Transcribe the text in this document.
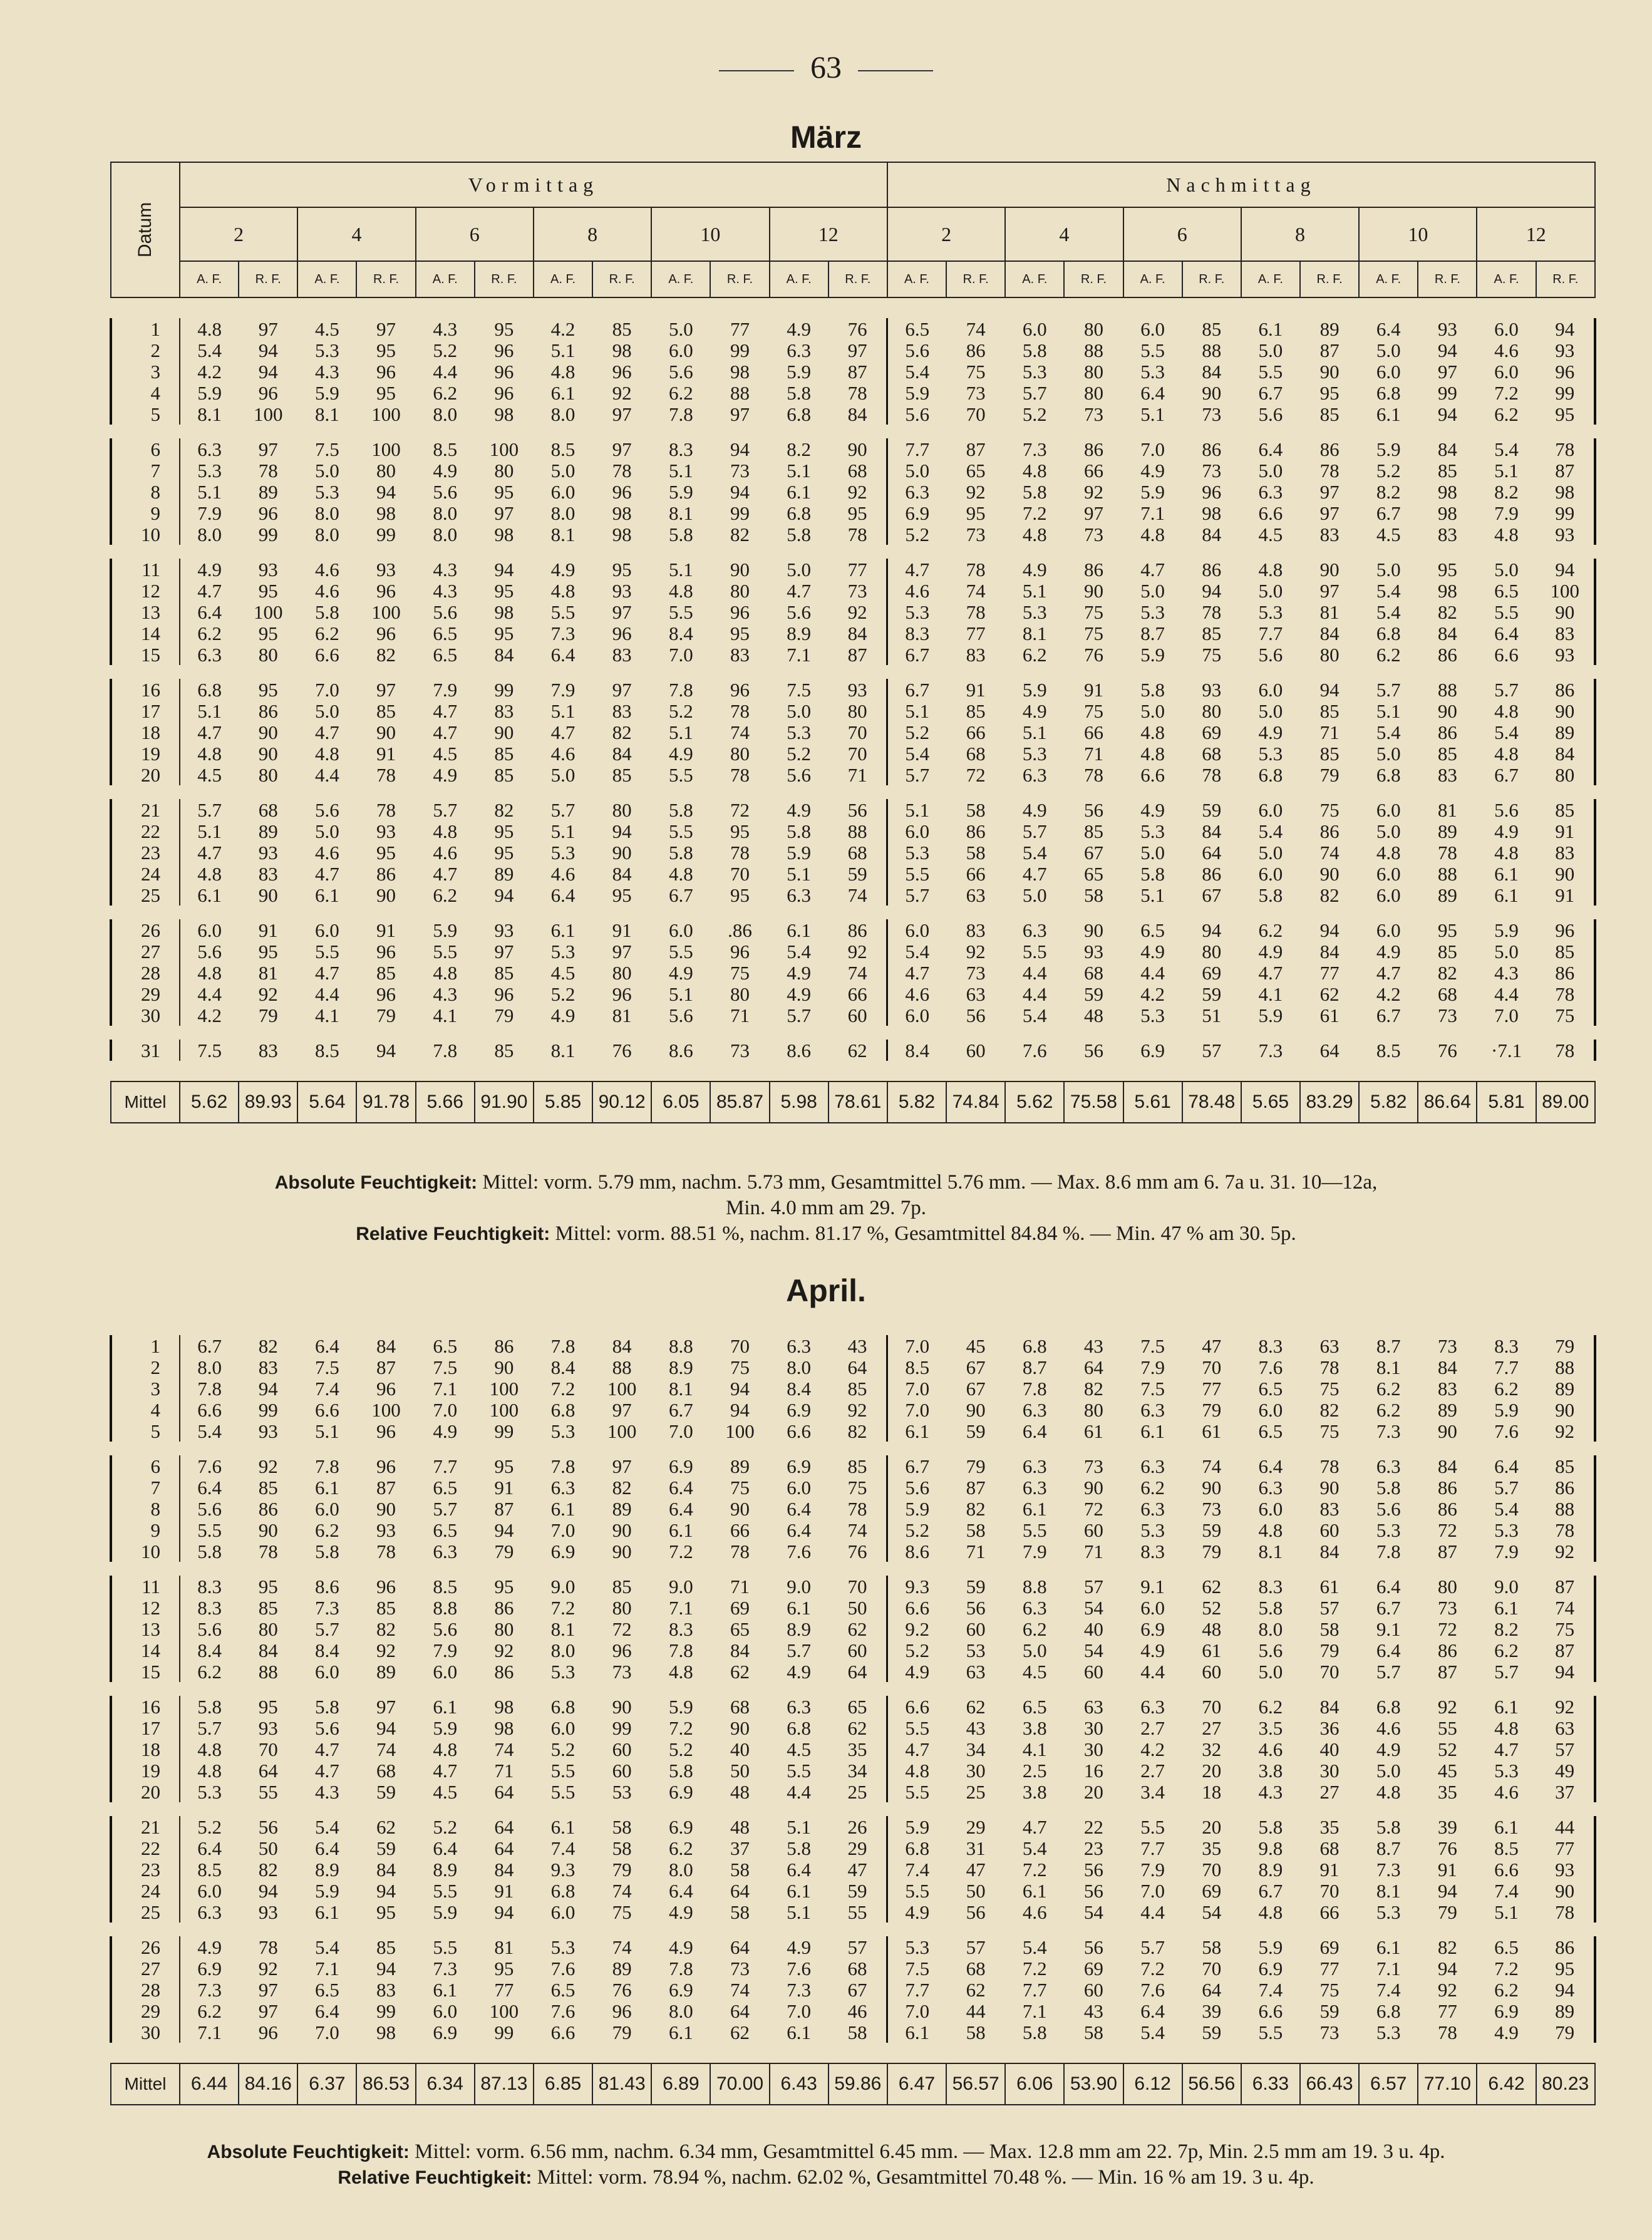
63
März
Datum	Vormittag												Nachmittag											
	2		4		6		8		10		12		2		4		6		8		10		12	
	A. F.	R. F.	A. F.	R. F.	A. F.	R. F.	A. F.	R. F.	A. F.	R. F.	A. F.	R. F.	A. F.	R. F.	A. F.	R. F.	A. F.	R. F.	A. F.	R. F.	A. F.	R. F.	A. F.	R. F.

1	4.8	97	4.5	97	4.3	95	4.2	85	5.0	77	4.9	76	6.5	74	6.0	80	6.0	85	6.1	89	6.4	93	6.0	94
2	5.4	94	5.3	95	5.2	96	5.1	98	6.0	99	6.3	97	5.6	86	5.8	88	5.5	88	5.0	87	5.0	94	4.6	93
3	4.2	94	4.3	96	4.4	96	4.8	96	5.6	98	5.9	87	5.4	75	5.3	80	5.3	84	5.5	90	6.0	97	6.0	96
4	5.9	96	5.9	95	6.2	96	6.1	92	6.2	88	5.8	78	5.9	73	5.7	80	6.4	90	6.7	95	6.8	99	7.2	99
5	8.1	100	8.1	100	8.0	98	8.0	97	7.8	97	6.8	84	5.6	70	5.2	73	5.1	73	5.6	85	6.1	94	6.2	95

6	6.3	97	7.5	100	8.5	100	8.5	97	8.3	94	8.2	90	7.7	87	7.3	86	7.0	86	6.4	86	5.9	84	5.4	78
7	5.3	78	5.0	80	4.9	80	5.0	78	5.1	73	5.1	68	5.0	65	4.8	66	4.9	73	5.0	78	5.2	85	5.1	87
8	5.1	89	5.3	94	5.6	95	6.0	96	5.9	94	6.1	92	6.3	92	5.8	92	5.9	96	6.3	97	8.2	98	8.2	98
9	7.9	96	8.0	98	8.0	97	8.0	98	8.1	99	6.8	95	6.9	95	7.2	97	7.1	98	6.6	97	6.7	98	7.9	99
10	8.0	99	8.0	99	8.0	98	8.1	98	5.8	82	5.8	78	5.2	73	4.8	73	4.8	84	4.5	83	4.5	83	4.8	93

11	4.9	93	4.6	93	4.3	94	4.9	95	5.1	90	5.0	77	4.7	78	4.9	86	4.7	86	4.8	90	5.0	95	5.0	94
12	4.7	95	4.6	96	4.3	95	4.8	93	4.8	80	4.7	73	4.6	74	5.1	90	5.0	94	5.0	97	5.4	98	6.5	100
13	6.4	100	5.8	100	5.6	98	5.5	97	5.5	96	5.6	92	5.3	78	5.3	75	5.3	78	5.3	81	5.4	82	5.5	90
14	6.2	95	6.2	96	6.5	95	7.3	96	8.4	95	8.9	84	8.3	77	8.1	75	8.7	85	7.7	84	6.8	84	6.4	83
15	6.3	80	6.6	82	6.5	84	6.4	83	7.0	83	7.1	87	6.7	83	6.2	76	5.9	75	5.6	80	6.2	86	6.6	93

16	6.8	95	7.0	97	7.9	99	7.9	97	7.8	96	7.5	93	6.7	91	5.9	91	5.8	93	6.0	94	5.7	88	5.7	86
17	5.1	86	5.0	85	4.7	83	5.1	83	5.2	78	5.0	80	5.1	85	4.9	75	5.0	80	5.0	85	5.1	90	4.8	90
18	4.7	90	4.7	90	4.7	90	4.7	82	5.1	74	5.3	70	5.2	66	5.1	66	4.8	69	4.9	71	5.4	86	5.4	89
19	4.8	90	4.8	91	4.5	85	4.6	84	4.9	80	5.2	70	5.4	68	5.3	71	4.8	68	5.3	85	5.0	85	4.8	84
20	4.5	80	4.4	78	4.9	85	5.0	85	5.5	78	5.6	71	5.7	72	6.3	78	6.6	78	6.8	79	6.8	83	6.7	80

21	5.7	68	5.6	78	5.7	82	5.7	80	5.8	72	4.9	56	5.1	58	4.9	56	4.9	59	6.0	75	6.0	81	5.6	85
22	5.1	89	5.0	93	4.8	95	5.1	94	5.5	95	5.8	88	6.0	86	5.7	85	5.3	84	5.4	86	5.0	89	4.9	91
23	4.7	93	4.6	95	4.6	95	5.3	90	5.8	78	5.9	68	5.3	58	5.4	67	5.0	64	5.0	74	4.8	78	4.8	83
24	4.8	83	4.7	86	4.7	89	4.6	84	4.8	70	5.1	59	5.5	66	4.7	65	5.8	86	6.0	90	6.0	88	6.1	90
25	6.1	90	6.1	90	6.2	94	6.4	95	6.7	95	6.3	74	5.7	63	5.0	58	5.1	67	5.8	82	6.0	89	6.1	91

26	6.0	91	6.0	91	5.9	93	6.1	91	6.0	.86	6.1	86	6.0	83	6.3	90	6.5	94	6.2	94	6.0	95	5.9	96
27	5.6	95	5.5	96	5.5	97	5.3	97	5.5	96	5.4	92	5.4	92	5.5	93	4.9	80	4.9	84	4.9	85	5.0	85
28	4.8	81	4.7	85	4.8	85	4.5	80	4.9	75	4.9	74	4.7	73	4.4	68	4.4	69	4.7	77	4.7	82	4.3	86
29	4.4	92	4.4	96	4.3	96	5.2	96	5.1	80	4.9	66	4.6	63	4.4	59	4.2	59	4.1	62	4.2	68	4.4	78
30	4.2	79	4.1	79	4.1	79	4.9	81	5.6	71	5.7	60	6.0	56	5.4	48	5.3	51	5.9	61	6.7	73	7.0	75

31	7.5	83	8.5	94	7.8	85	8.1	76	8.6	73	8.6	62	8.4	60	7.6	56	6.9	57	7.3	64	8.5	76	·7.1	78

Mittel	5.62	89.93	5.64	91.78	5.66	91.90	5.85	90.12	6.05	85.87	5.98	78.61	5.82	74.84	5.62	75.58	5.61	78.48	5.65	83.29	5.82	86.64	5.81	89.00
Absolute Feuchtigkeit: Mittel: vorm. 5.79 mm, nachm. 5.73 mm, Gesamtmittel 5.76 mm. — Max. 8.6 mm am 6. 7a u. 31. 10—12a,
Min. 4.0 mm am 29. 7p.
Relative Feuchtigkeit: Mittel: vorm. 88.51 %, nachm. 81.17 %, Gesamtmittel 84.84 %. — Min. 47 % am 30. 5p.
April.

1	6.7	82	6.4	84	6.5	86	7.8	84	8.8	70	6.3	43	7.0	45	6.8	43	7.5	47	8.3	63	8.7	73	8.3	79
2	8.0	83	7.5	87	7.5	90	8.4	88	8.9	75	8.0	64	8.5	67	8.7	64	7.9	70	7.6	78	8.1	84	7.7	88
3	7.8	94	7.4	96	7.1	100	7.2	100	8.1	94	8.4	85	7.0	67	7.8	82	7.5	77	6.5	75	6.2	83	6.2	89
4	6.6	99	6.6	100	7.0	100	6.8	97	6.7	94	6.9	92	7.0	90	6.3	80	6.3	79	6.0	82	6.2	89	5.9	90
5	5.4	93	5.1	96	4.9	99	5.3	100	7.0	100	6.6	82	6.1	59	6.4	61	6.1	61	6.5	75	7.3	90	7.6	92

6	7.6	92	7.8	96	7.7	95	7.8	97	6.9	89	6.9	85	6.7	79	6.3	73	6.3	74	6.4	78	6.3	84	6.4	85
7	6.4	85	6.1	87	6.5	91	6.3	82	6.4	75	6.0	75	5.6	87	6.3	90	6.2	90	6.3	90	5.8	86	5.7	86
8	5.6	86	6.0	90	5.7	87	6.1	89	6.4	90	6.4	78	5.9	82	6.1	72	6.3	73	6.0	83	5.6	86	5.4	88
9	5.5	90	6.2	93	6.5	94	7.0	90	6.1	66	6.4	74	5.2	58	5.5	60	5.3	59	4.8	60	5.3	72	5.3	78
10	5.8	78	5.8	78	6.3	79	6.9	90	7.2	78	7.6	76	8.6	71	7.9	71	8.3	79	8.1	84	7.8	87	7.9	92

11	8.3	95	8.6	96	8.5	95	9.0	85	9.0	71	9.0	70	9.3	59	8.8	57	9.1	62	8.3	61	6.4	80	9.0	87
12	8.3	85	7.3	85	8.8	86	7.2	80	7.1	69	6.1	50	6.6	56	6.3	54	6.0	52	5.8	57	6.7	73	6.1	74
13	5.6	80	5.7	82	5.6	80	8.1	72	8.3	65	8.9	62	9.2	60	6.2	40	6.9	48	8.0	58	9.1	72	8.2	75
14	8.4	84	8.4	92	7.9	92	8.0	96	7.8	84	5.7	60	5.2	53	5.0	54	4.9	61	5.6	79	6.4	86	6.2	87
15	6.2	88	6.0	89	6.0	86	5.3	73	4.8	62	4.9	64	4.9	63	4.5	60	4.4	60	5.0	70	5.7	87	5.7	94

16	5.8	95	5.8	97	6.1	98	6.8	90	5.9	68	6.3	65	6.6	62	6.5	63	6.3	70	6.2	84	6.8	92	6.1	92
17	5.7	93	5.6	94	5.9	98	6.0	99	7.2	90	6.8	62	5.5	43	3.8	30	2.7	27	3.5	36	4.6	55	4.8	63
18	4.8	70	4.7	74	4.8	74	5.2	60	5.2	40	4.5	35	4.7	34	4.1	30	4.2	32	4.6	40	4.9	52	4.7	57
19	4.8	64	4.7	68	4.7	71	5.5	60	5.8	50	5.5	34	4.8	30	2.5	16	2.7	20	3.8	30	5.0	45	5.3	49
20	5.3	55	4.3	59	4.5	64	5.5	53	6.9	48	4.4	25	5.5	25	3.8	20	3.4	18	4.3	27	4.8	35	4.6	37

21	5.2	56	5.4	62	5.2	64	6.1	58	6.9	48	5.1	26	5.9	29	4.7	22	5.5	20	5.8	35	5.8	39	6.1	44
22	6.4	50	6.4	59	6.4	64	7.4	58	6.2	37	5.8	29	6.8	31	5.4	23	7.7	35	9.8	68	8.7	76	8.5	77
23	8.5	82	8.9	84	8.9	84	9.3	79	8.0	58	6.4	47	7.4	47	7.2	56	7.9	70	8.9	91	7.3	91	6.6	93
24	6.0	94	5.9	94	5.5	91	6.8	74	6.4	64	6.1	59	5.5	50	6.1	56	7.0	69	6.7	70	8.1	94	7.4	90
25	6.3	93	6.1	95	5.9	94	6.0	75	4.9	58	5.1	55	4.9	56	4.6	54	4.4	54	4.8	66	5.3	79	5.1	78

26	4.9	78	5.4	85	5.5	81	5.3	74	4.9	64	4.9	57	5.3	57	5.4	56	5.7	58	5.9	69	6.1	82	6.5	86
27	6.9	92	7.1	94	7.3	95	7.6	89	7.8	73	7.6	68	7.5	68	7.2	69	7.2	70	6.9	77	7.1	94	7.2	95
28	7.3	97	6.5	83	6.1	77	6.5	76	6.9	74	7.3	67	7.7	62	7.7	60	7.6	64	7.4	75	7.4	92	6.2	94
29	6.2	97	6.4	99	6.0	100	7.6	96	8.0	64	7.0	46	7.0	44	7.1	43	6.4	39	6.6	59	6.8	77	6.9	89
30	7.1	96	7.0	98	6.9	99	6.6	79	6.1	62	6.1	58	6.1	58	5.8	58	5.4	59	5.5	73	5.3	78	4.9	79

Mittel	6.44	84.16	6.37	86.53	6.34	87.13	6.85	81.43	6.89	70.00	6.43	59.86	6.47	56.57	6.06	53.90	6.12	56.56	6.33	66.43	6.57	77.10	6.42	80.23
Absolute Feuchtigkeit: Mittel: vorm. 6.56 mm, nachm. 6.34 mm, Gesamtmittel 6.45 mm. — Max. 12.8 mm am 22. 7p, Min. 2.5 mm am 19. 3 u. 4p.
Relative Feuchtigkeit: Mittel: vorm. 78.94 %, nachm. 62.02 %, Gesamtmittel 70.48 %. — Min. 16 % am 19. 3 u. 4p.
